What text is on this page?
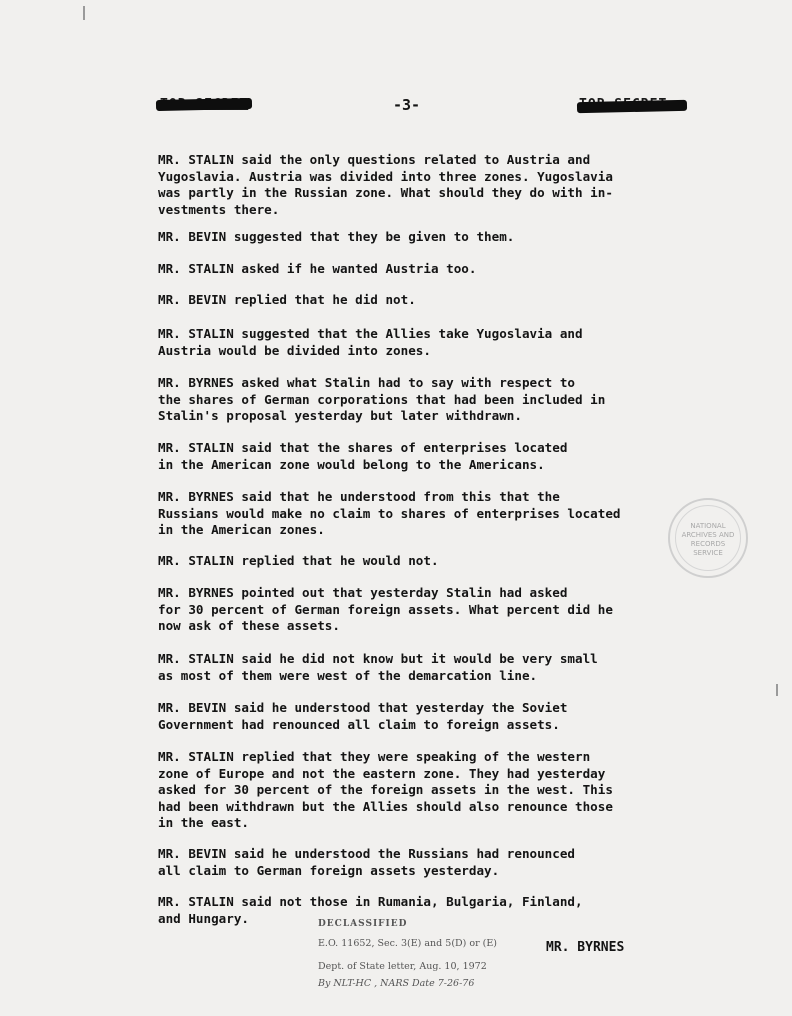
-3-

MR. STALIN said the only questions related to Austria and
Yugoslavia. Austria was divided into three zones. Yugoslavia
was partly in the Russian zone. What should they do with in-
vestments there.

MR. BEVIN suggested that they be given to them.

MR. STALIN asked if he wanted Austria too.

MR. BEVIN replied that he did not.

MR. STALIN suggested that the Allies take Yugoslavia and
Austria would be divided into zones.

MR. BYRNES asked what Stalin had to say with respect to
the shares of German corporations that had been included in
Stalin's proposal yesterday but later withdrawn.

MR. STALIN said that the shares of enterprises located
in the American zone would belong to the Americans.

MR. BYRNES said that he understood from this that the
Russians would make no claim to shares of enterprises located
in the American zones.

MR. STALIN replied that he would not.

MR. BYRNES pointed out that yesterday Stalin had asked
for 30 percent of German foreign assets. What percent did he
now ask of these assets.

MR. STALIN said he did not know but it would be very small
as most of them were west of the demarcation line.

MR. BEVIN said he understood that yesterday the Soviet
Government had renounced all claim to foreign assets.

MR. STALIN replied that they were speaking of the western
zone of Europe and not the eastern zone. They had yesterday
asked for 30 percent of the foreign assets in the west. This
had been withdrawn but the Allies should also renounce those
in the east.

MR. BEVIN said he understood the Russians had renounced
all claim to German foreign assets yesterday.

MR. STALIN said not those in Rumania, Bulgaria, Finland,
and Hungary.

NATIONAL
ARCHIVES AND
RECORDS
SERVICE
DECLASSIFIED
E.O. 11652, Sec. 3(E) and 5(D) or (E)
Dept. of State letter, Aug. 10, 1972
By NLT-HC , NARS Date 7-26-76
MR. BYRNES
